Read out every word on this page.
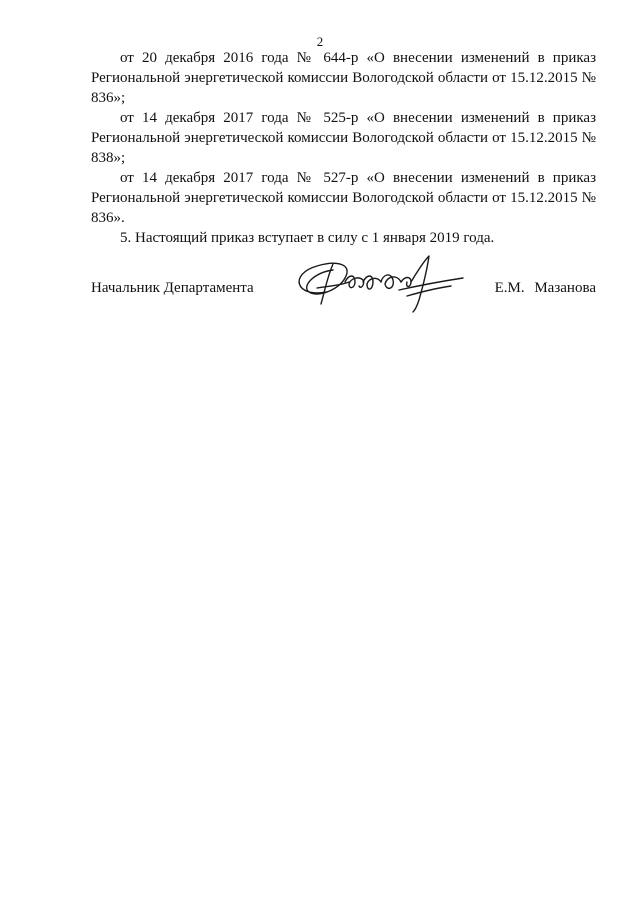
2

от 20 декабря 2016 года № 644-р «О внесении изменений в приказ Региональной энергетической комиссии Вологодской области от 15.12.2015 № 836»;

от 14 декабря 2017 года № 525-р «О внесении изменений в приказ Региональной энергетической комиссии Вологодской области от 15.12.2015 № 838»;

от 14 декабря 2017 года № 527-р «О внесении изменений в приказ Региональной энергетической комиссии Вологодской области от 15.12.2015 № 836».

5. Настоящий приказ вступает в силу с 1 января 2019 года.

Начальник Департамента	Е.М. Мазанова
